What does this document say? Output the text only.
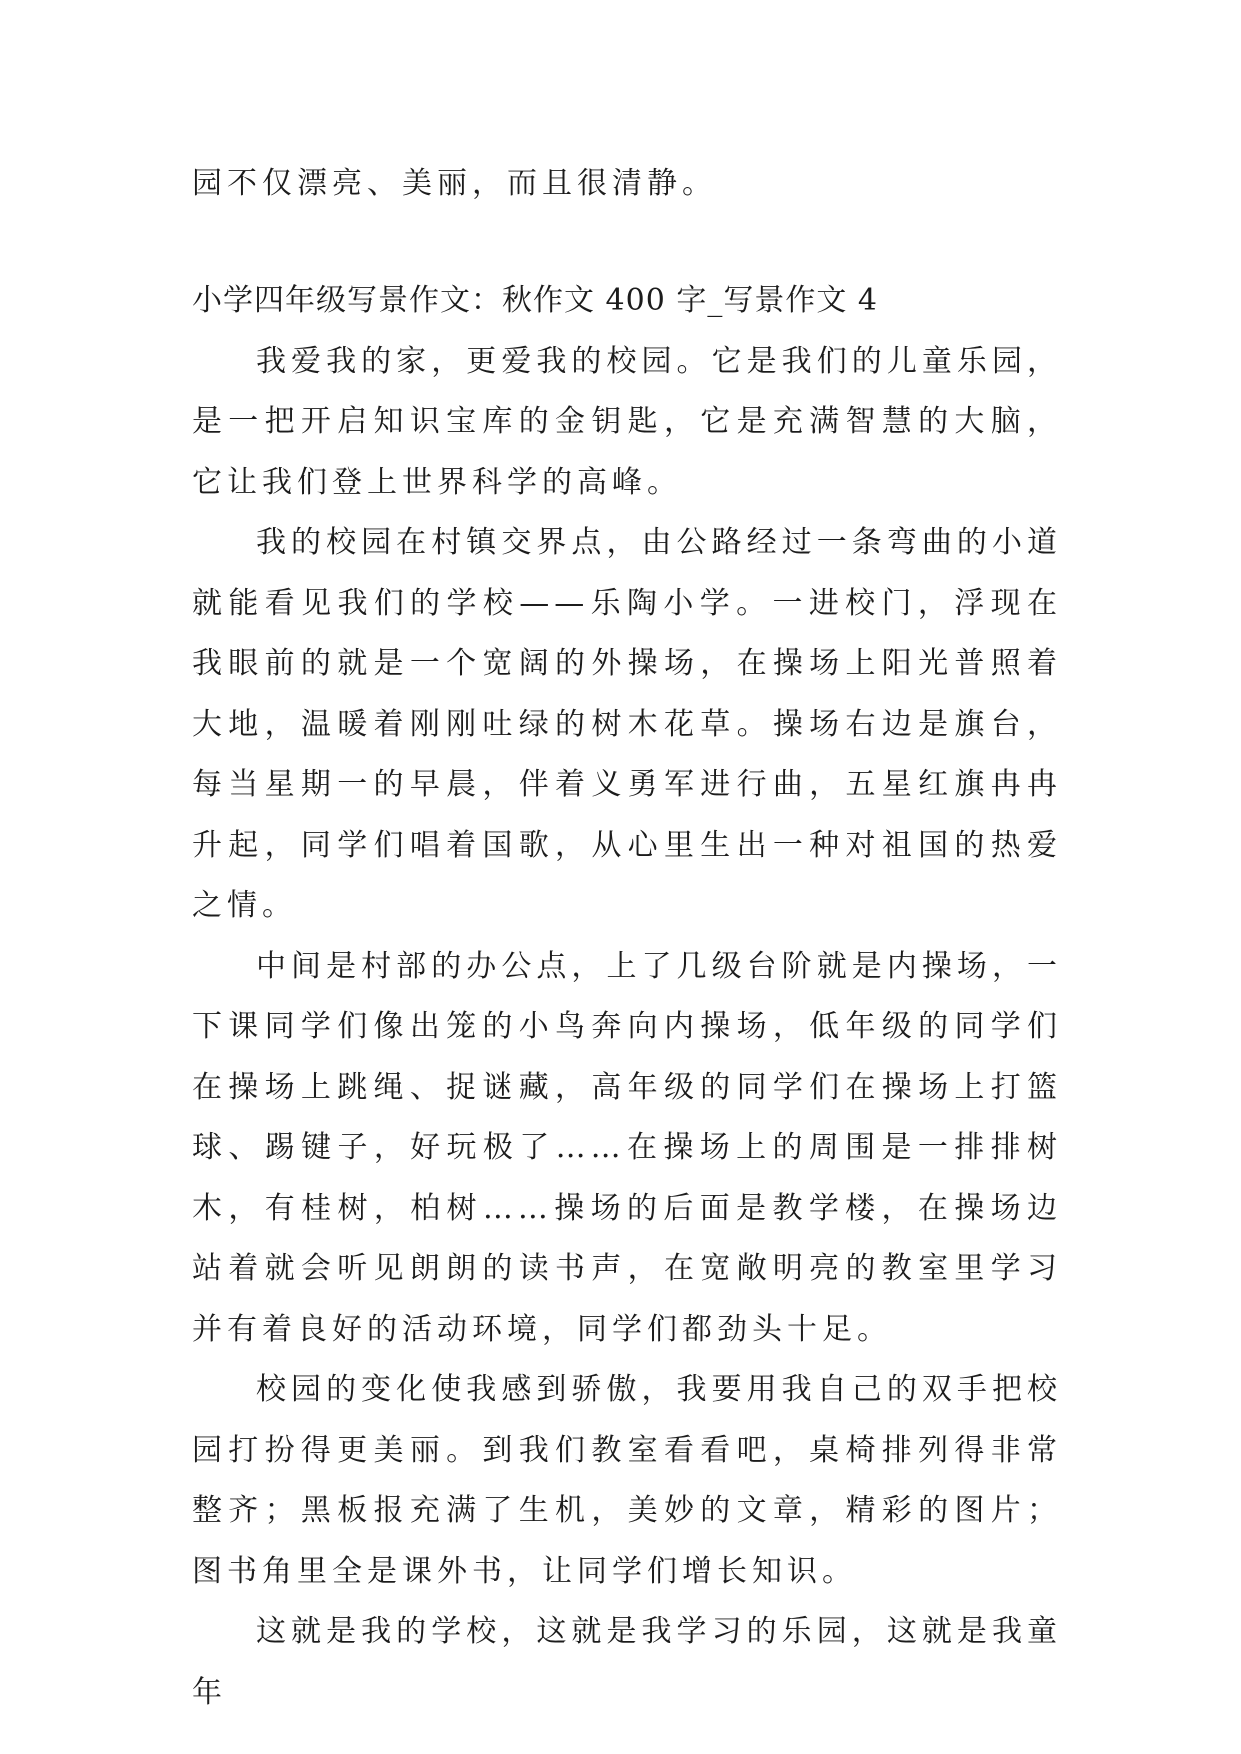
园不仅漂亮、美丽，而且很清静。

小学四年级写景作文：秋作文 400 字_写景作文 4

我爱我的家，更爱我的校园。它是我们的儿童乐园，是一把开启知识宝库的金钥匙，它是充满智慧的大脑，它让我们登上世界科学的高峰。

我的校园在村镇交界点，由公路经过一条弯曲的小道就能看见我们的学校——乐陶小学。一进校门，浮现在我眼前的就是一个宽阔的外操场，在操场上阳光普照着大地，温暖着刚刚吐绿的树木花草。操场右边是旗台，每当星期一的早晨，伴着义勇军进行曲，五星红旗冉冉升起，同学们唱着国歌，从心里生出一种对祖国的热爱之情。

中间是村部的办公点，上了几级台阶就是内操场，一下课同学们像出笼的小鸟奔向内操场，低年级的同学们在操场上跳绳、捉谜藏，高年级的同学们在操场上打篮球、踢键子，好玩极了……在操场上的周围是一排排树木，有桂树，柏树……操场的后面是教学楼，在操场边站着就会听见朗朗的读书声，在宽敞明亮的教室里学习并有着良好的活动环境，同学们都劲头十足。

校园的变化使我感到骄傲，我要用我自己的双手把校园打扮得更美丽。到我们教室看看吧，桌椅排列得非常整齐；黑板报充满了生机，美妙的文章，精彩的图片；图书角里全是课外书，让同学们增长知识。

这就是我的学校，这就是我学习的乐园，这就是我童年
